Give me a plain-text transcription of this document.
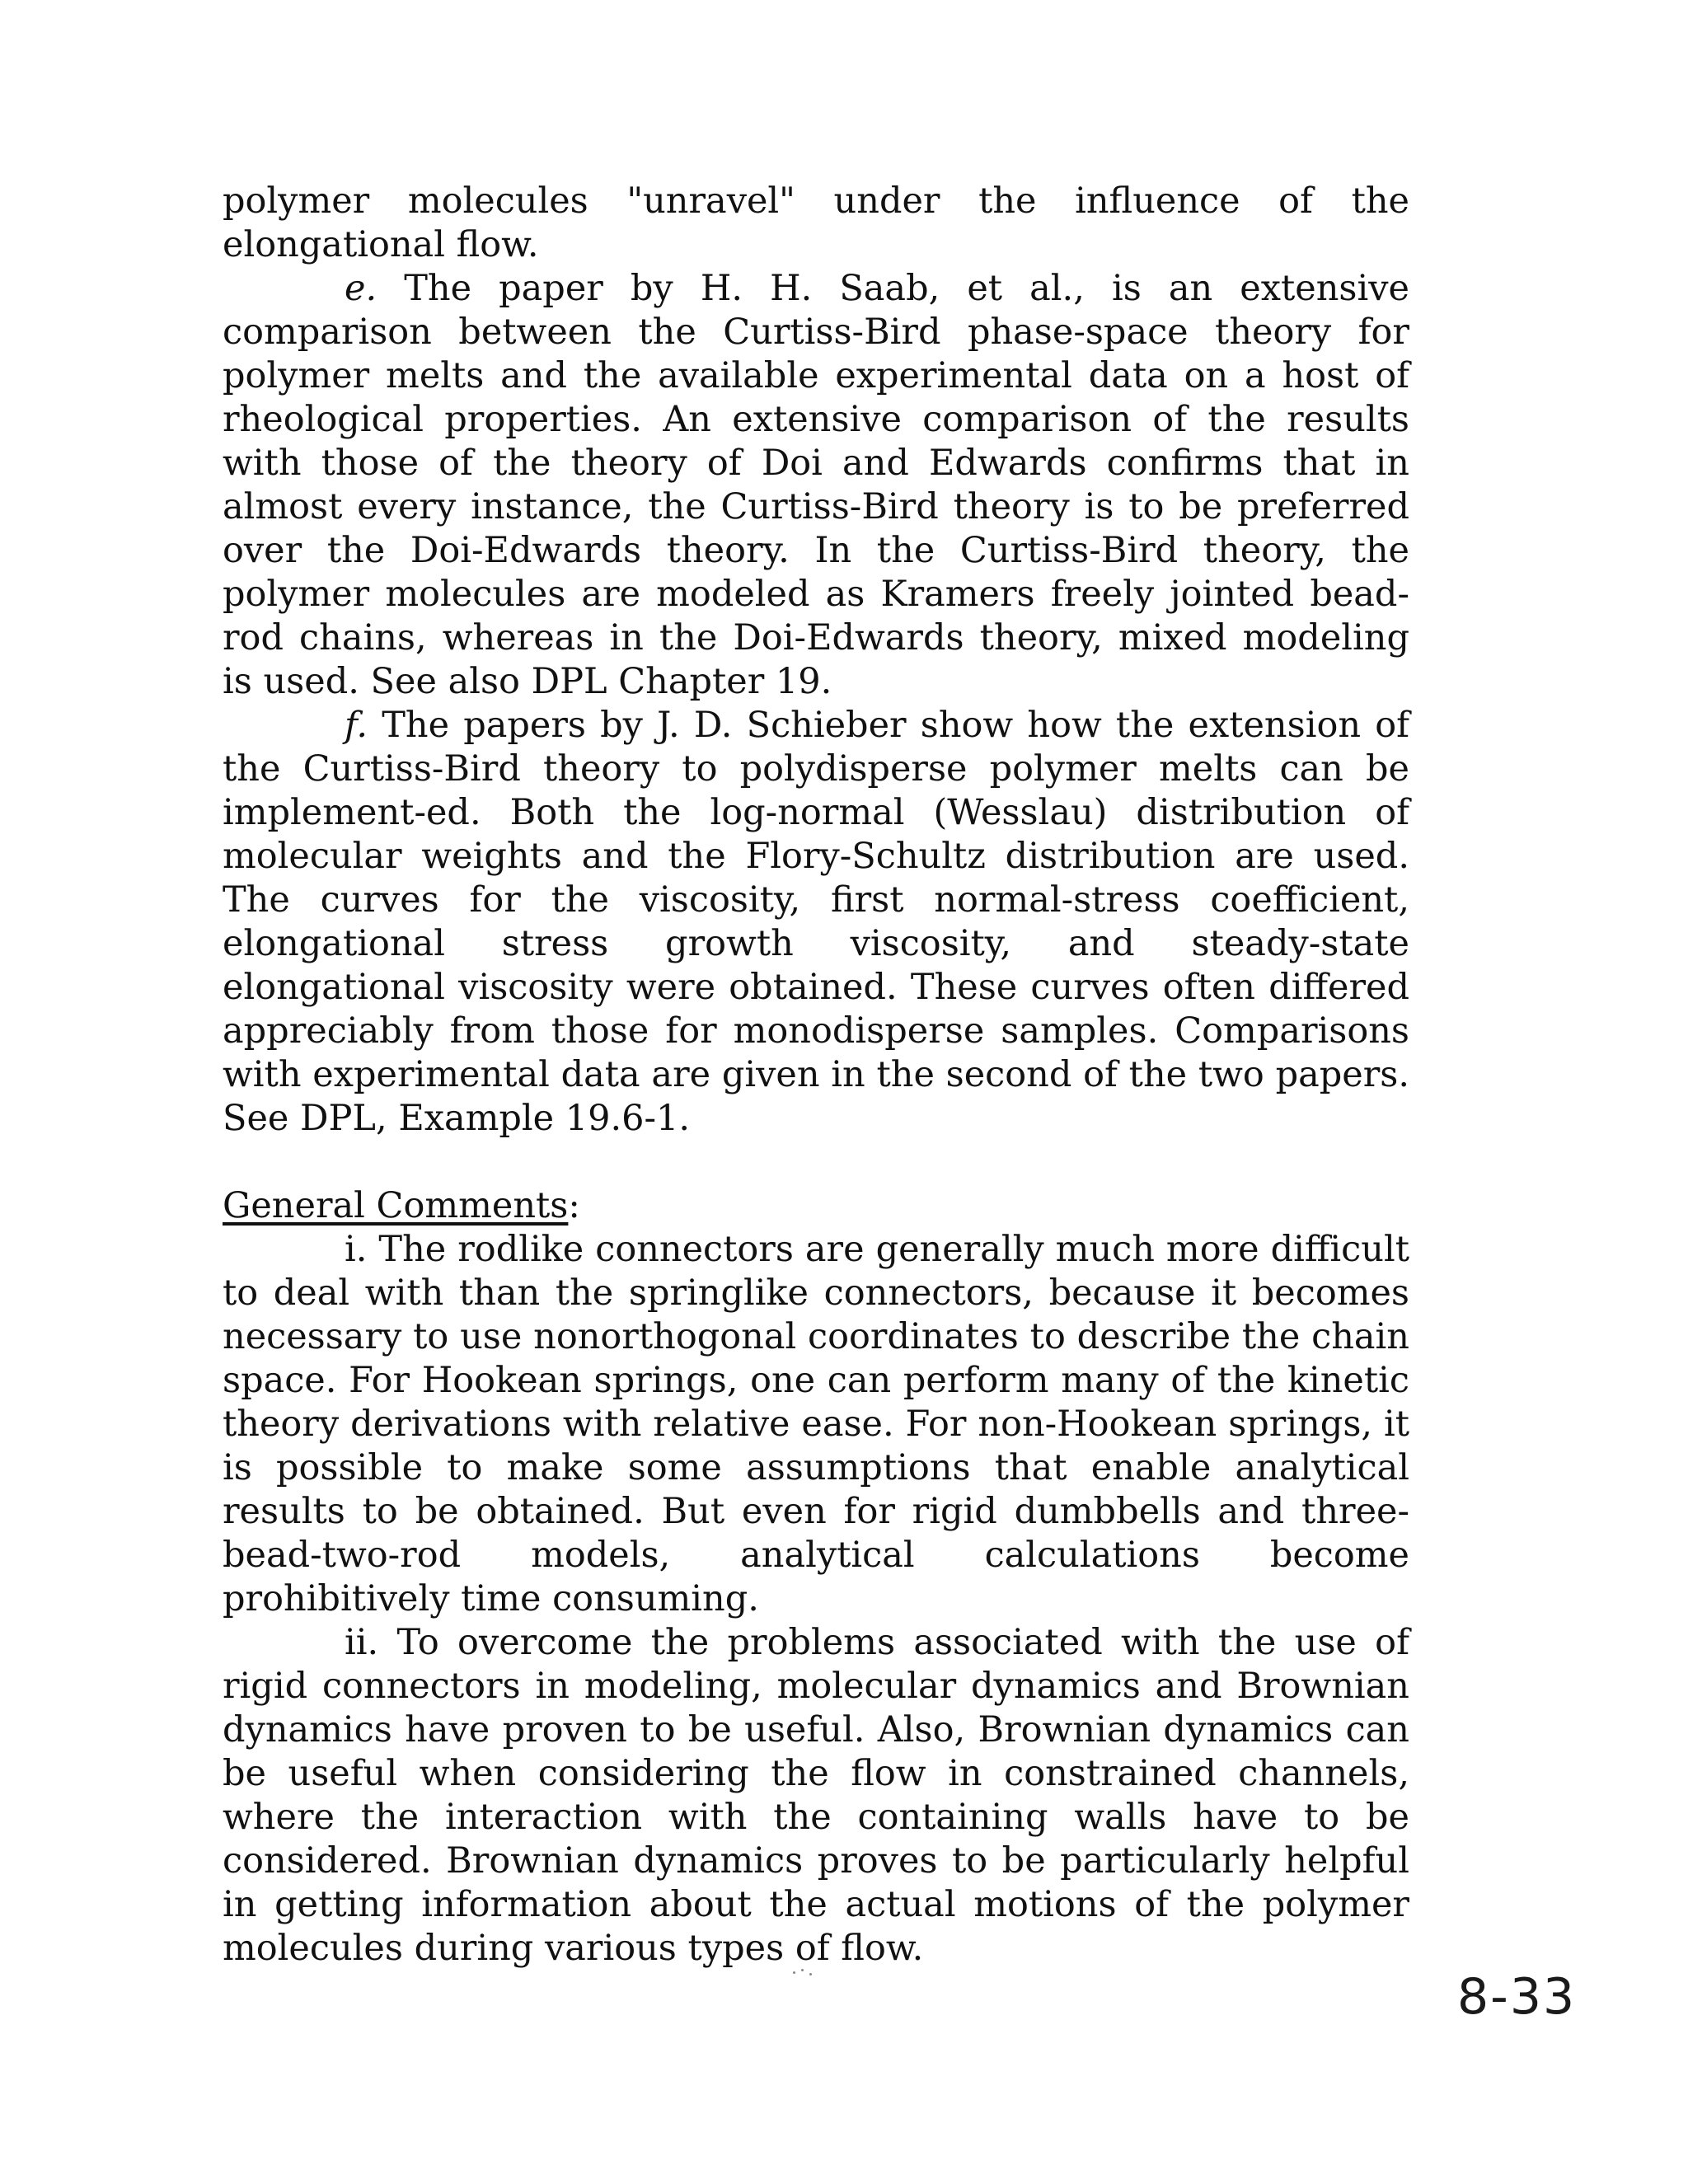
polymer molecules "unravel" under the influence of the elongational flow.

e. The paper by H. H. Saab, et al., is an extensive comparison between the Curtiss-Bird phase-space theory for polymer melts and the available experimental data on a host of rheological properties. An extensive comparison of the results with those of the theory of Doi and Edwards confirms that in almost every instance, the Curtiss-Bird theory is to be preferred over the Doi-Edwards theory. In the Curtiss-Bird theory, the polymer molecules are modeled as Kramers freely jointed bead-rod chains, whereas in the Doi-Edwards theory, mixed modeling is used. See also DPL Chapter 19.

f. The papers by J. D. Schieber show how the extension of the Curtiss-Bird theory to polydisperse polymer melts can be implement-ed. Both the log-normal (Wesslau) distribution of molecular weights and the Flory-Schultz distribution are used. The curves for the viscosity, first normal-stress coefficient, elongational stress growth viscosity, and steady-state elongational viscosity were obtained. These curves often differed appreciably from those for monodisperse samples. Comparisons with experimental data are given in the second of the two papers. See DPL, Example 19.6-1.

General Comments:

i. The rodlike connectors are generally much more difficult to deal with than the springlike connectors, because it becomes necessary to use nonorthogonal coordinates to describe the chain space. For Hookean springs, one can perform many of the kinetic theory derivations with relative ease. For non-Hookean springs, it is possible to make some assumptions that enable analytical results to be obtained. But even for rigid dumbbells and three-bead-two-rod models, analytical calculations become prohibitively time consuming.

ii. To overcome the problems associated with the use of rigid connectors in modeling, molecular dynamics and Brownian dynamics have proven to be useful. Also, Brownian dynamics can be useful when considering the flow in constrained channels, where the interaction with the containing walls have to be considered. Brownian dynamics proves to be particularly helpful in getting information about the actual motions of the polymer molecules during various types of flow.

8-33
